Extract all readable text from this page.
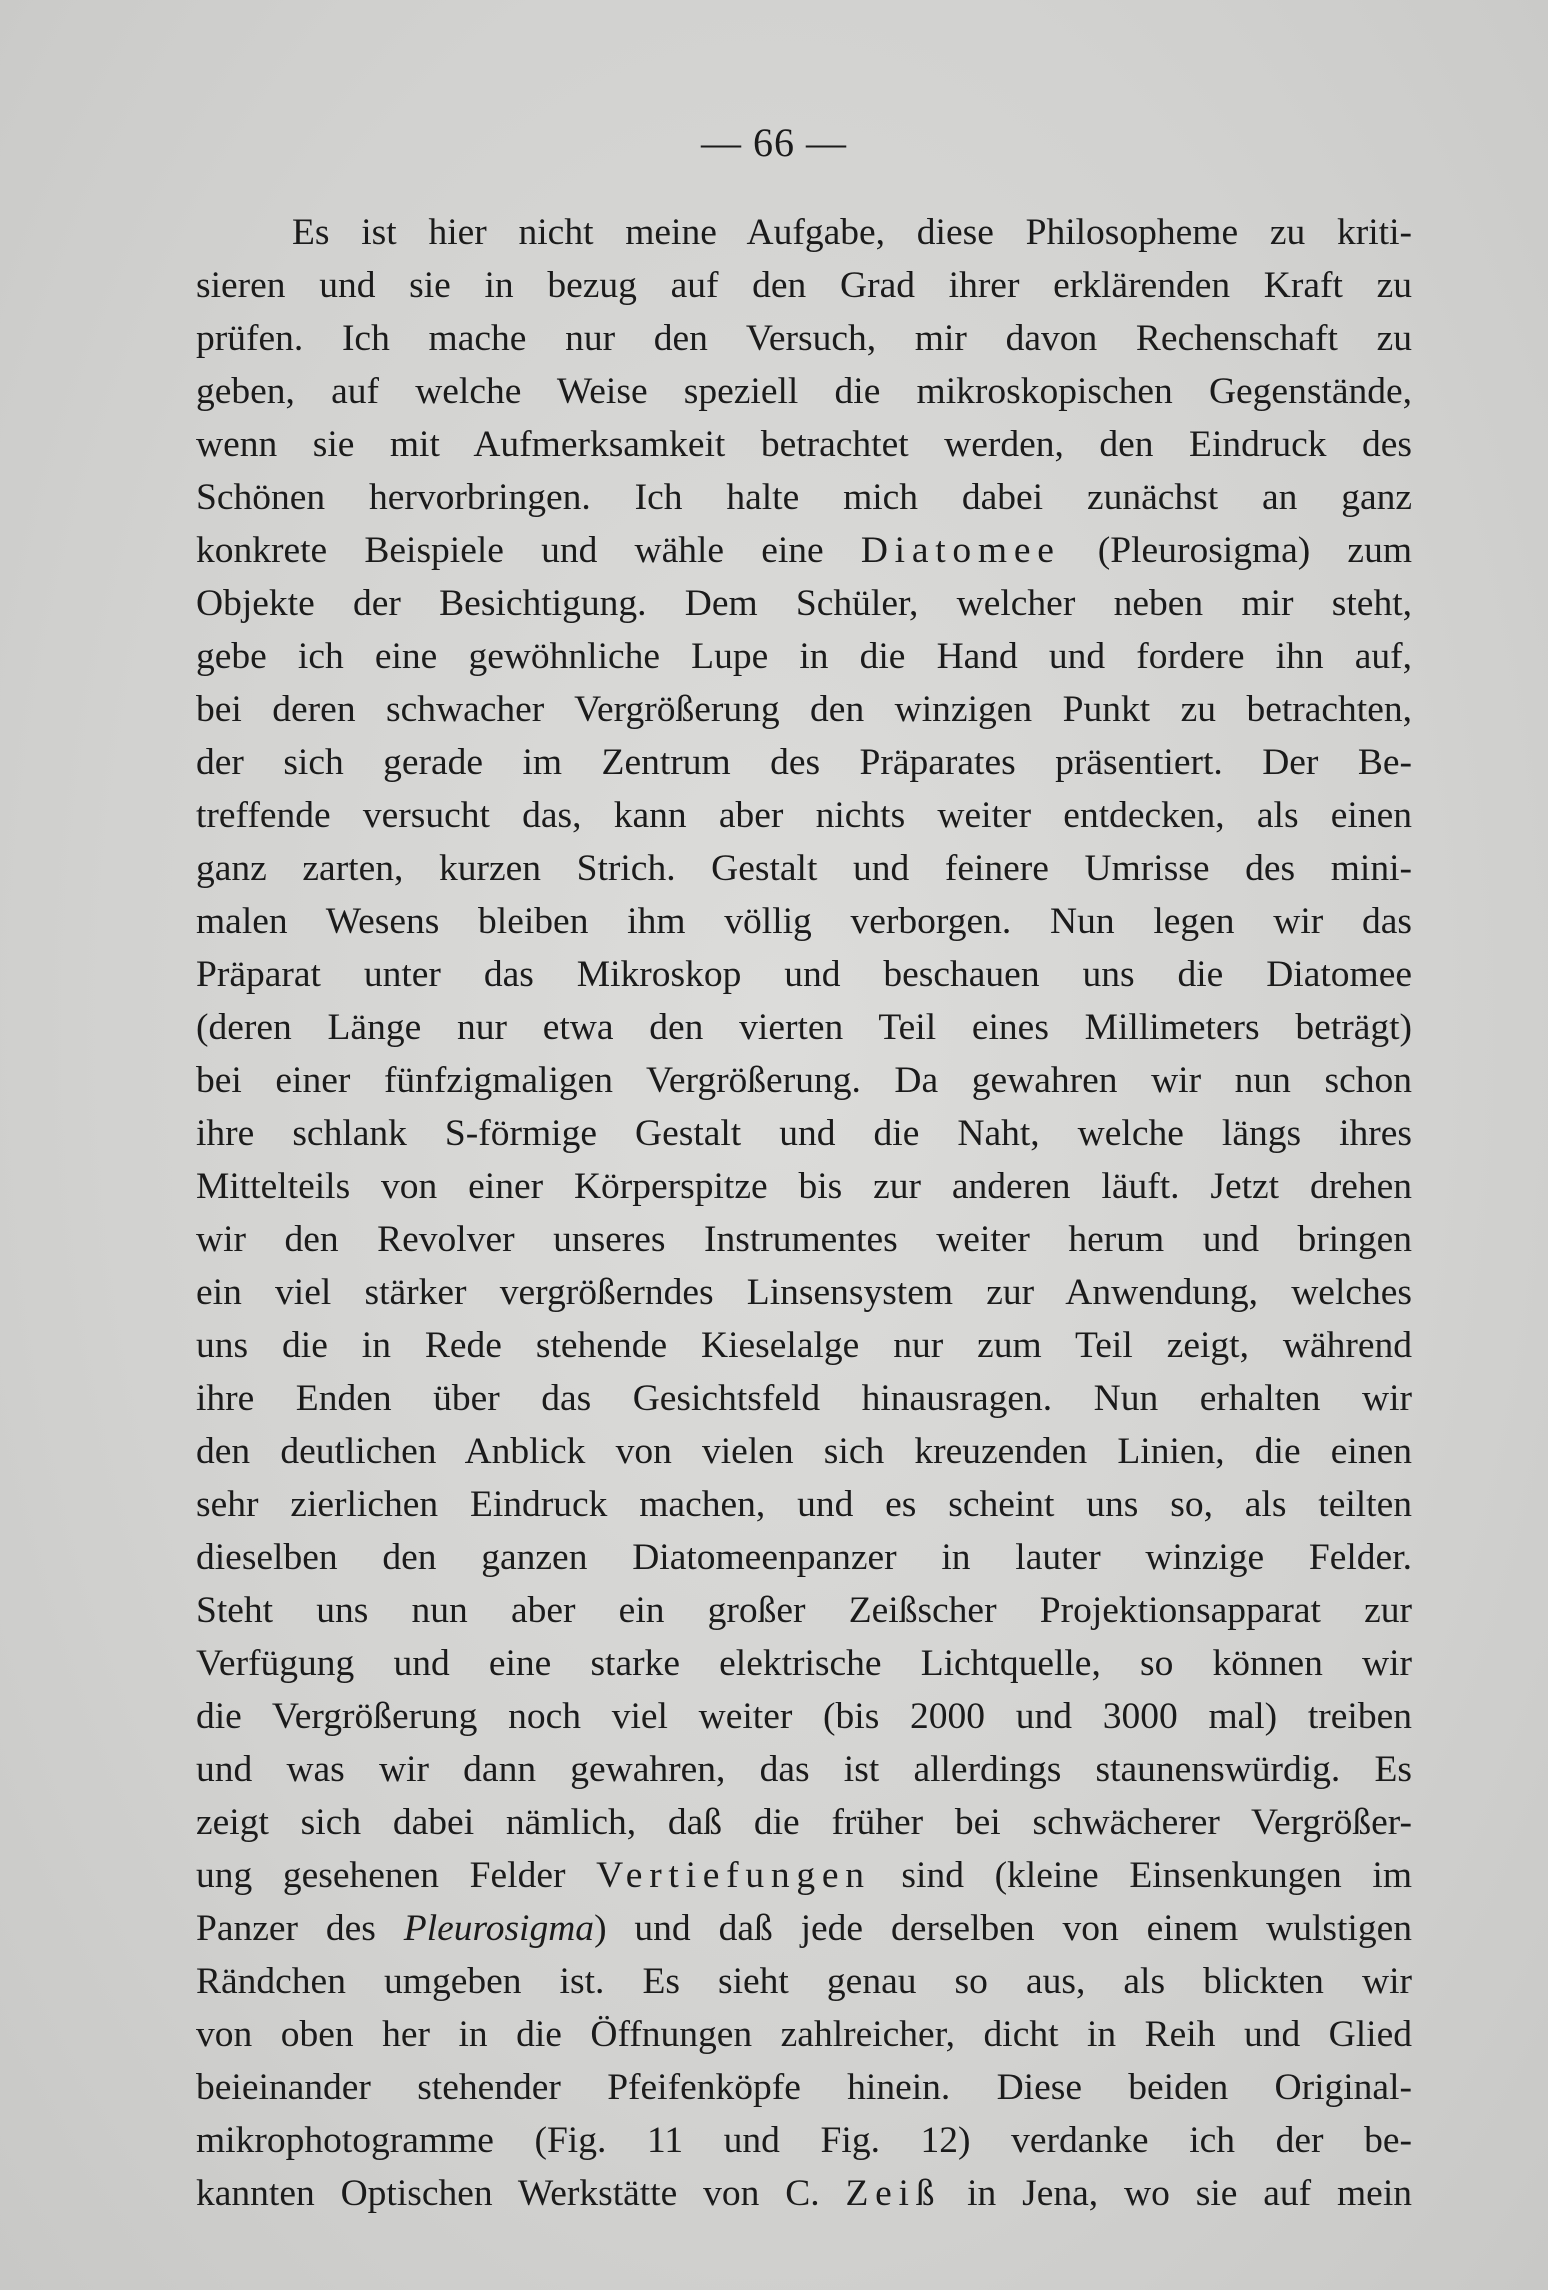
— 66 —
Es ist hier nicht meine Aufgabe, diese Philosopheme zu kriti-
sieren und sie in bezug auf den Grad ihrer erklärenden Kraft zu
prüfen. Ich mache nur den Versuch, mir davon Rechenschaft zu
geben, auf welche Weise speziell die mikroskopischen Gegenstände,
wenn sie mit Aufmerksamkeit betrachtet werden, den Eindruck des
Schönen hervorbringen. Ich halte mich dabei zunächst an ganz
konkrete Beispiele und wähle eine Diatomee (Pleurosigma) zum
Objekte der Besichtigung. Dem Schüler, welcher neben mir steht,
gebe ich eine gewöhnliche Lupe in die Hand und fordere ihn auf,
bei deren schwacher Vergrößerung den winzigen Punkt zu betrachten,
der sich gerade im Zentrum des Präparates präsentiert. Der Be-
treffende versucht das, kann aber nichts weiter entdecken, als einen
ganz zarten, kurzen Strich. Gestalt und feinere Umrisse des mini-
malen Wesens bleiben ihm völlig verborgen. Nun legen wir das
Präparat unter das Mikroskop und beschauen uns die Diatomee
(deren Länge nur etwa den vierten Teil eines Millimeters beträgt)
bei einer fünfzigmaligen Vergrößerung. Da gewahren wir nun schon
ihre schlank S-förmige Gestalt und die Naht, welche längs ihres
Mittelteils von einer Körperspitze bis zur anderen läuft. Jetzt drehen
wir den Revolver unseres Instrumentes weiter herum und bringen
ein viel stärker vergrößerndes Linsensystem zur Anwendung, welches
uns die in Rede stehende Kieselalge nur zum Teil zeigt, während
ihre Enden über das Gesichtsfeld hinausragen. Nun erhalten wir
den deutlichen Anblick von vielen sich kreuzenden Linien, die einen
sehr zierlichen Eindruck machen, und es scheint uns so, als teilten
dieselben den ganzen Diatomeenpanzer in lauter winzige Felder.
Steht uns nun aber ein großer Zeißscher Projektionsapparat zur
Verfügung und eine starke elektrische Lichtquelle, so können wir
die Vergrößerung noch viel weiter (bis 2000 und 3000 mal) treiben
und was wir dann gewahren, das ist allerdings staunenswürdig. Es
zeigt sich dabei nämlich, daß die früher bei schwächerer Vergrößer-
ung gesehenen Felder Vertiefungen sind (kleine Einsenkungen im
Panzer des Pleurosigma) und daß jede derselben von einem wulstigen
Rändchen umgeben ist. Es sieht genau so aus, als blickten wir
von oben her in die Öffnungen zahlreicher, dicht in Reih und Glied
beieinander stehender Pfeifenköpfe hinein. Diese beiden Original-
mikrophotogramme (Fig. 11 und Fig. 12) verdanke ich der be-
kannten Optischen Werkstätte von C. Zeiß in Jena, wo sie auf mein
